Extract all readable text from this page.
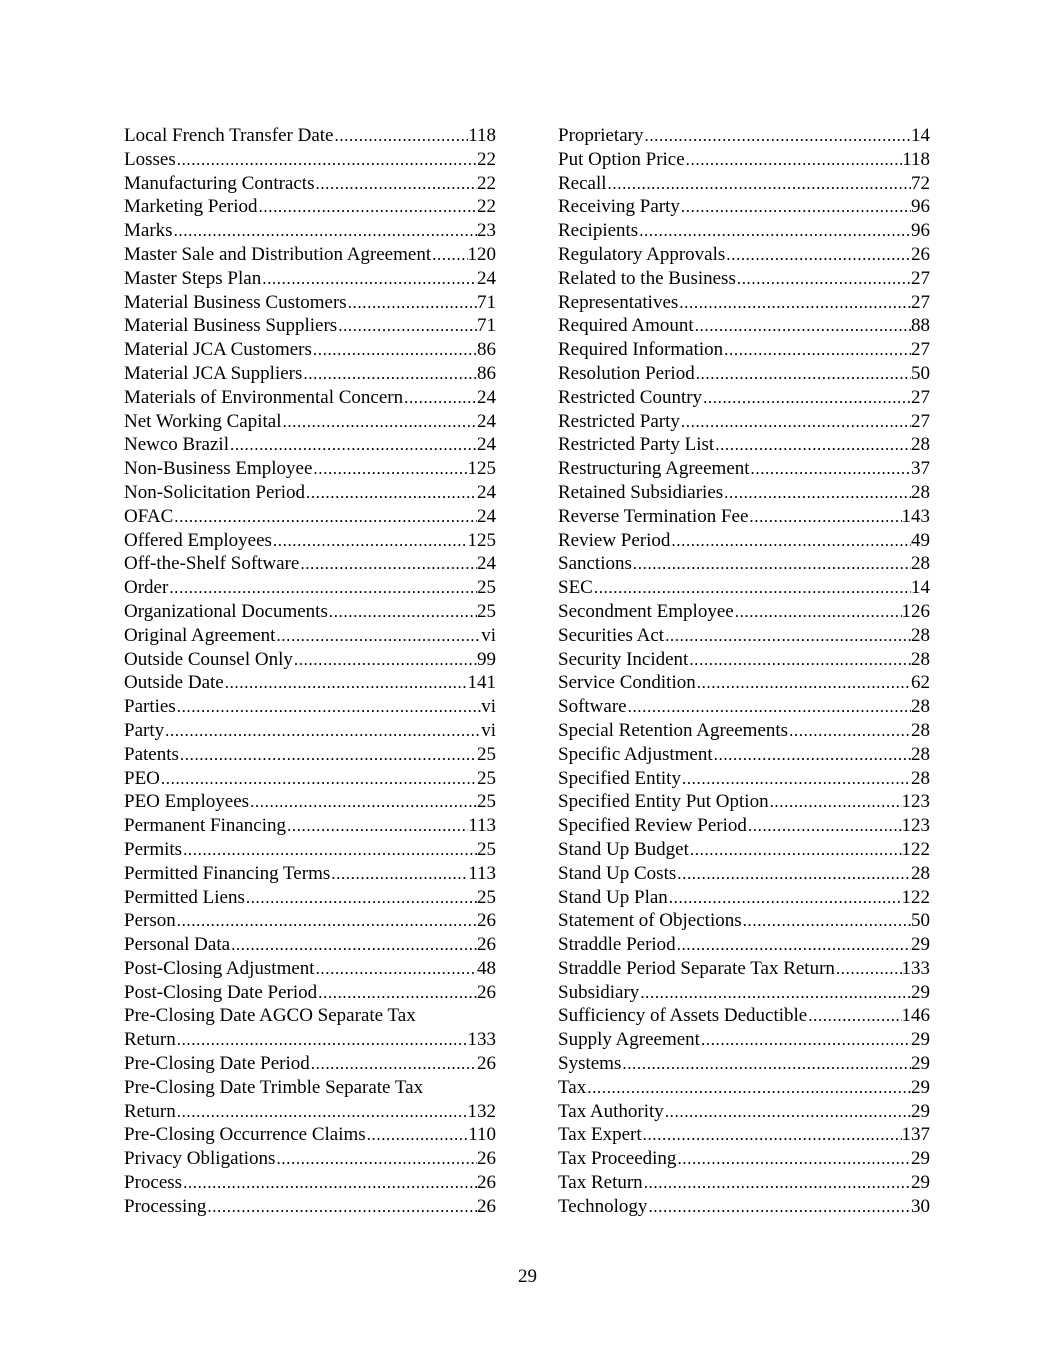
Local French Transfer Date .....	118
Losses .....	22
Manufacturing Contracts .....	22
Marketing Period .....	22
Marks .....	23
Master Sale and Distribution Agreement ..... 120
Master Steps Plan .....	24
Material Business Customers .....	71
Material Business Suppliers .....	71
Material JCA Customers .....	86
Material JCA Suppliers .....	86
Materials of Environmental Concern .....	24
Net Working Capital .....	24
Newco Brazil .....	24
Non-Business Employee .....	125
Non-Solicitation Period .....	24
OFAC .....	24
Offered Employees .....	125
Off-the-Shelf Software .....	24
Order .....	25
Organizational Documents .....	25
Original Agreement .....	vi
Outside Counsel Only .....	99
Outside Date .....	141
Parties .....	vi
Party .....	vi
Patents .....	25
PEO .....	25
PEO Employees .....	25
Permanent Financing .....	113
Permits .....	25
Permitted Financing Terms .....	113
Permitted Liens .....	25
Person .....	26
Personal Data .....	26
Post-Closing Adjustment .....	48
Post-Closing Date Period .....	26
Pre-Closing Date AGCO Separate Tax
Return .....	133
Pre-Closing Date Period .....	26
Pre-Closing Date Trimble Separate Tax
Return .....	132
Pre-Closing Occurrence Claims .....	110
Privacy Obligations .....	26
Process .....	26
Processing .....	26
Proprietary .....	14
Put Option Price .....	118
Recall .....	72
Receiving Party .....	96
Recipients .....	96
Regulatory Approvals .....	26
Related to the Business .....	27
Representatives .....	27
Required Amount .....	88
Required Information .....	27
Resolution Period .....	50
Restricted Country .....	27
Restricted Party .....	27
Restricted Party List .....	28
Restructuring Agreement .....	37
Retained Subsidiaries .....	28
Reverse Termination Fee .....	143
Review Period .....	49
Sanctions .....	28
SEC .....	14
Secondment Employee .....	126
Securities Act .....	28
Security Incident .....	28
Service Condition .....	62
Software .....	28
Special Retention Agreements .....	28
Specific Adjustment .....	28
Specified Entity .....	28
Specified Entity Put Option .....	123
Specified Review Period .....	123
Stand Up Budget .....	122
Stand Up Costs .....	28
Stand Up Plan .....	122
Statement of Objections .....	50
Straddle Period .....	29
Straddle Period Separate Tax Return .....	133
Subsidiary .....	29
Sufficiency of Assets Deductible .....	146
Supply Agreement .....	29
Systems .....	29
Tax .....	29
Tax Authority .....	29
Tax Expert .....	137
Tax Proceeding .....	29
Tax Return .....	29
Technology .....	30
29
